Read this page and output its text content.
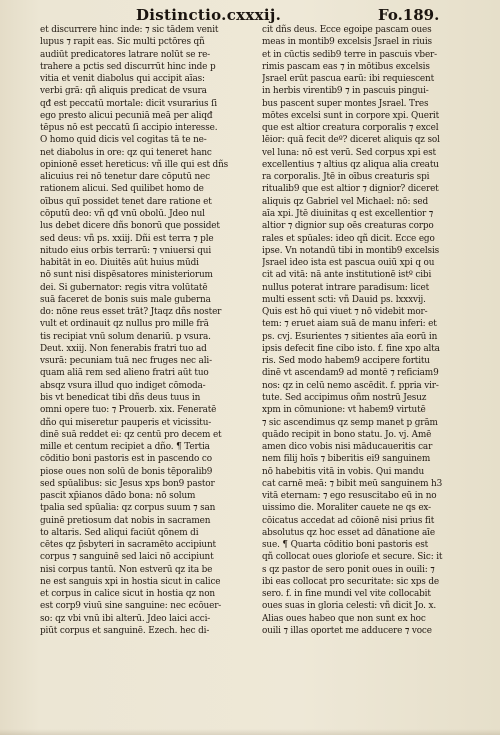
Distinctio.cxxxij.	Fo.189.
et discurrere hinc inde: ⁊ sic tādem venit
lupus ⁊ rapit eas. Sic multi pctōres qñ
audiūt predicatores latrare nolūt se re-
trahere a pctis sed discurrūt hinc inde p
vitia et venit diabolus qui accipit aīas:
verbi grā: qñ aliquis predicat de vsura
qđ est peccatū mortale: dicit vsurarius ſi
ego presto alicui pecuniā meā per aliqđ
tēpus nō est peccatū ſi accipio interesse.
O homo quid dicis vel cogitas tā te ne-
net diabolus in ore: qz qui teneret hanc
opinionē esset hereticus: vñ ille qui est dñs
alicuius rei nō tenetur dare cōputū nec
rationem alicui. Sed quilibet homo de
oībus quī possidet tenet dare ratione et
cōputū deo: vñ qđ vnū obolū. Jdeo nul
lus debet dicere dñs bonorū que possidet
sed deus: vñ ps. xxiij. Dñi est terra ⁊ ple
nitudo eius orbis terrarū: ⁊ vniuersi qui
habitāt in eo. Diuitēs aūt huius mūdi
nō sunt nisi dispēsatores ministeriorum
dei. Si gubernator: regis vitra volūtatē
suā faceret de bonis suis male guberna
do: nōne reus esset trāt? Jtaqz dñs noster
vult et ordinauit qz nullus pro mille frā
tis recipiat vnū solum denariū. p vsura.
Deut. xxiij. Non fenerabis fratri tuo ad
vsurā: pecuniam tuā nec fruges nec ali-
quam aliā rem sed alieno fratri aūt tuo
absqz vsura illud quo indiget cōmoda-
bis vt benedicat tibi dñs deus tuus in
omni opere tuo: ⁊ Prouerb. xix. Feneratē
dño qui miseretur pauperis et vicissitu-
dinē suā reddet ei: qz centū pro decem et
mille et centum recipiet a dño. ¶ Tertia
cōditio boni pastoris est in pascendo co
piose oues non solū de bonis tēporalib9
sed spūalibus: sic Jesus xps bon9 pastor
pascit xp̄ianos dādo bona: nō solum
tpalia sed spūalia: qz corpus suum ⁊ san
guinē pretiosum dat nobis in sacramen
to altaris. Sed aliqui faciūt qōnem di
cētes qz p̄sbyteri in sacramēto accipiunt
corpus ⁊ sanguinē sed laici nō accipiunt
nisi corpus tantū. Non estverū qz ita be
ne est sanguis xpi in hostia sicut in calice
et corpus in calice sicut in hostia qz non
est corp9 viuū sine sanguine: nec ecōuer-
so: qz vbi vnū ibi alterū. Jdeo laici acci-
piūt corpus et sanguinē. Ezech. hec di-
cit dñs deus. Ecce egoipe pascam oues
meas in montib9 excelsis Jsrael in riuis
et in cūctis sedib9 terre in pascuis vber-
rimis pascam eas ⁊ in mōtibus excelsis
Jsrael erūt pascua earū: ibi requiescent
in herbis virentib9 ⁊ in pascuis pingui-
bus pascent super montes Jsrael. Tres
mōtes excelsi sunt in corpore xpi. Querit
que est altior creatura corporalis ⁊ excel
lēior: quā fecit deº? diceret aliquis qz sol
vel luna: nō est verū. Sed corpus xpi est
excellentius ⁊ altius qz aliqua alia creatu
ra corporalis. Jtē in oībus creaturis spi
ritualib9 que est altior ⁊ dignior? diceret
aliquis qz Gabriel vel Michael: nō: sed
aīa xpi. Jtē diuinitas q est excellentior ⁊
altior ⁊ dignior sup oēs creaturas corpo
rales et spūales: ideo qñ dicit. Ecce ego
ipse. Vn notandū tibi in montib9 excelsis
Jsrael ideo ista est pascua ouiū xpi q ou
cit ad vitā: nā ante institutionē istº cibi
nullus poterat intrare paradisum: licet
multi essent scti: vñ Dauid ps. lxxxvij.
Quis est hō qui viuet ⁊ nō videbit mor-
tem: ⁊ eruet aiam suā de manu inferi: et
ps. cvj. Esurientes ⁊ sitientes aīa eorū in
ipsis defecit fine cibo isto. f. fine xpo alta
ris. Sed modo habem9 accipere fortitu
dinē vt ascendam9 ad montē ⁊ reficiam9
nos: qz in celū nemo ascēdit. f. ppria vir-
tute. Sed accipimus oñm nostrū Jesuz
xpm in cōmunione: vt habem9 virtutē
⁊ sic ascendimus qz semp manet p grām
quādo recipit in bono statu. Jo. vj. Amē
amen dico vobis nisi māducaueritis car
nem filij hoīs ⁊ biberitis ei9 sanguinem
nō habebitis vitā in vobis. Qui mandu
cat carnē meā: ⁊ bibit meū sanguinem h3
vitā eternam: ⁊ ego resuscitabo eū in no
uissimo die. Moraliter cauete ne qs ex-
cōicatus accedat ad cōionē nisi prius fit
absolutus qz hoc esset ad dānatione aīe
sue. ¶ Quarta cōditio boni pastoris est
qñ collocat oues glorioſe et secure. Sic: it
s qz pastor de sero ponit oues in ouili: ⁊
ibi eas collocat pro securitate: sic xps de
sero. f. in fine mundi vel vite collocabit
oues suas in gloria celesti: vñ dicit Jo. x.
Alias oues habeo que non sunt ex hoc
ouili ⁊ illas oportet me adducere ⁊ voce
